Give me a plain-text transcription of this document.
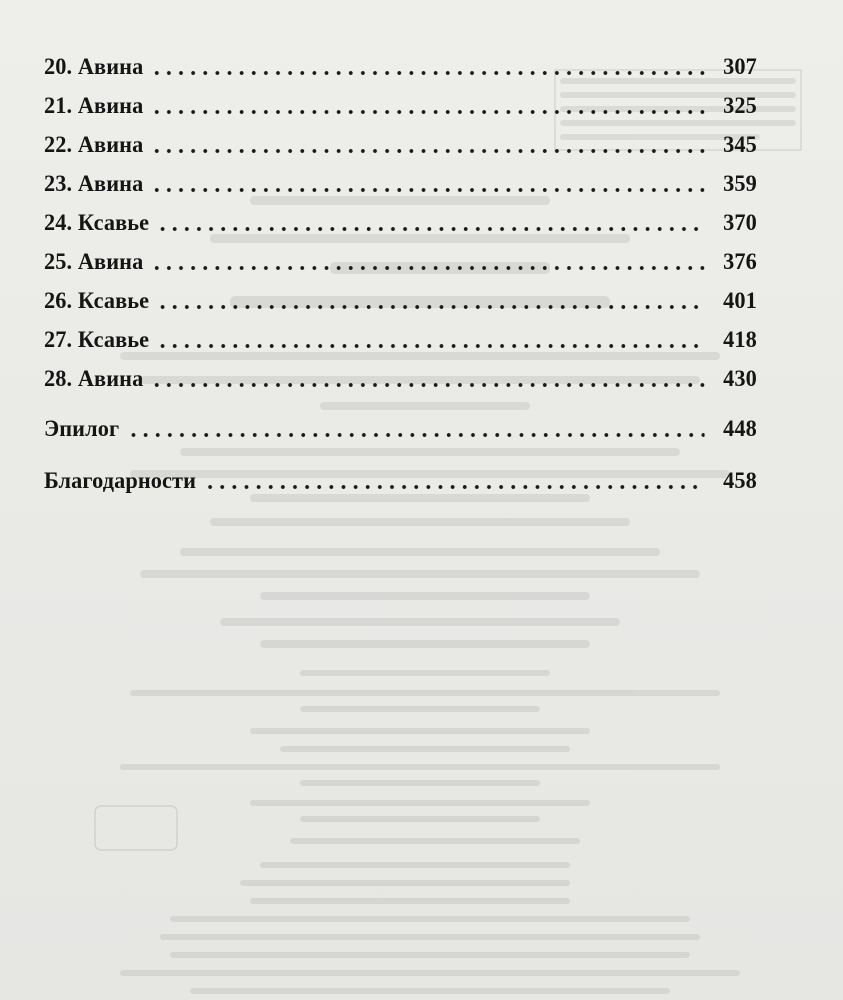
20. Авина	307
21. Авина	325
22. Авина	345
23. Авина	359
24. Ксавье	370
25. Авина	376
26. Ксавье	401
27. Ксавье	418
28. Авина	430
Эпилог	448
Благодарности	458
